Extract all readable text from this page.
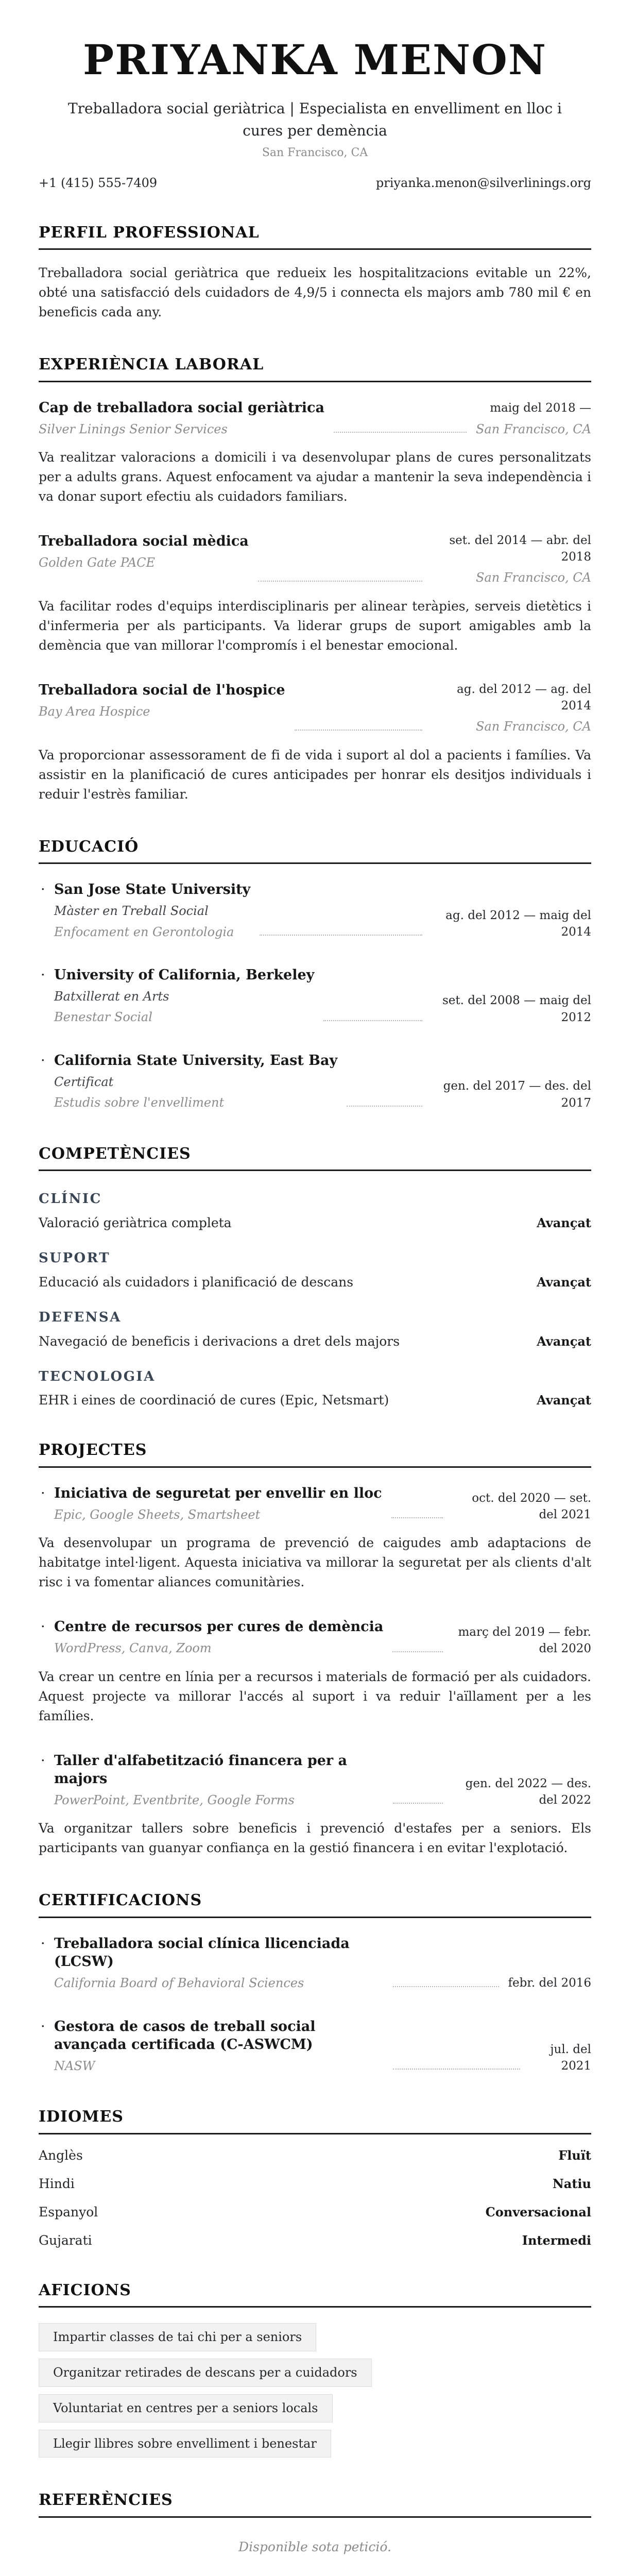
PRIYANKA MENON
Treballadora social geriàtrica | Especialista en envelliment en lloc i cures per demència
San Francisco, CA
+1 (415) 555-7409	priyanka.menon@silverlinings.org
PERFIL PROFESSIONAL

Treballadora social geriàtrica que redueix les hospitalitzacions evitable un 22%, obté una satisfacció dels cuidadors de 4,9/5 i connecta els majors amb 780 mil € en beneficis cada any.

EXPERIÈNCIA LABORAL
Cap de treballadora social geriàtrica
Silver Linings Senior Services
maig del 2018 —
San Francisco, CA

Va realitzar valoracions a domicili i va desenvolupar plans de cures personalitzats per a adults grans. Aquest enfocament va ajudar a mantenir la seva independència i va donar suport efectiu als cuidadors familiars.

Treballadora social mèdica
Golden Gate PACE
set. del 2014 — abr. del 2018
San Francisco, CA

Va facilitar rodes d'equips interdisciplinaris per alinear teràpies, serveis dietètics i d'infermeria per als participants. Va liderar grups de suport amigables amb la demència que van millorar l'compromís i el benestar emocional.

Treballadora social de l'hospice
Bay Area Hospice
ag. del 2012 — ag. del 2014
San Francisco, CA

Va proporcionar assessorament de fi de vida i suport al dol a pacients i famílies. Va assistir en la planificació de cures anticipades per honrar els desitjos individuals i reduir l'estrès familiar.

EDUCACIÓ
· San Jose State University
Màster en Treball Social
Enfocament en Gerontologia
ag. del 2012 — maig del 2014
· University of California, Berkeley
Batxillerat en Arts
Benestar Social
set. del 2008 — maig del 2012
· California State University, East Bay
Certificat
Estudis sobre l'envelliment
gen. del 2017 — des. del 2017
COMPETÈNCIES
CLÍNIC
Valoració geriàtrica completa	Avançat
SUPORT
Educació als cuidadors i planificació de descans	Avançat
DEFENSA
Navegació de beneficis i derivacions a dret dels majors	Avançat
TECNOLOGIA
EHR i eines de coordinació de cures (Epic, Netsmart)	Avançat
PROJECTES
· Iniciativa de seguretat per envellir en lloc
Epic, Google Sheets, Smartsheet
oct. del 2020 — set. del 2021

Va desenvolupar un programa de prevenció de caigudes amb adaptacions de habitatge intel·ligent. Aquesta iniciativa va millorar la seguretat per als clients d'alt risc i va fomentar aliances comunitàries.

· Centre de recursos per cures de demència
WordPress, Canva, Zoom
març del 2019 — febr. del 2020

Va crear un centre en línia per a recursos i materials de formació per als cuidadors. Aquest projecte va millorar l'accés al suport i va reduir l'aïllament per a les famílies.

· Taller d'alfabetització financera per a majors
PowerPoint, Eventbrite, Google Forms
gen. del 2022 — des. del 2022

Va organitzar tallers sobre beneficis i prevenció d'estafes per a seniors. Els participants van guanyar confiança en la gestió financera i en evitar l'explotació.

CERTIFICACIONS
· Treballadora social clínica llicenciada (LCSW)
California Board of Behavioral Sciences	febr. del 2016
· Gestora de casos de treball social avançada certificada (C-ASWCM)
NASW
jul. del 2021
IDIOMES
Anglès	Fluït
Hindi	Natiu
Espanyol	Conversacional
Gujarati	Intermedi
AFICIONS
Impartir classes de tai chi per a seniors
Organitzar retirades de descans per a cuidadors
Voluntariat en centres per a seniors locals
Llegir llibres sobre envelliment i benestar
REFERÈNCIES
Disponible sota petició.
